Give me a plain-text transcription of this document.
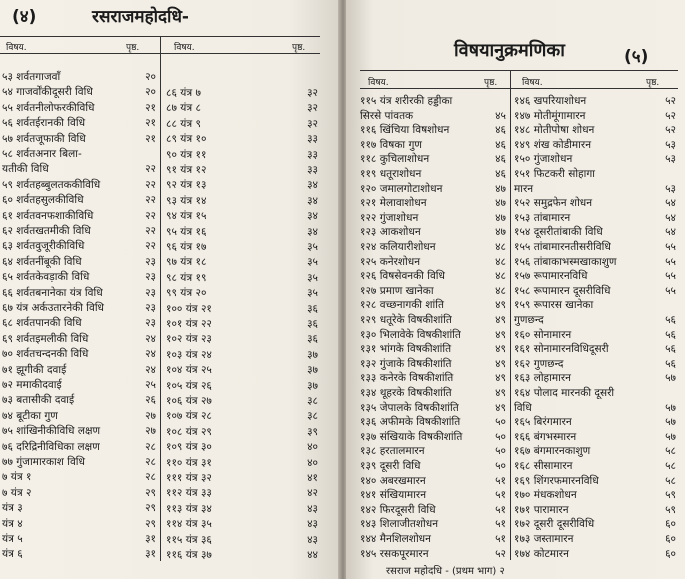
(४)	रसराजमहोदधि-
विषय.	पृष्ठ.	विषय.	पृष्ठ.
५३ शर्वतगाजवाँ	२०
५४ गाजर्वोंकीदूसरी विधि	२०
५५ शर्वतनीलोफरकीविधि	२१
५६ शर्वतईरानकी विधि	२१
५७ शर्वतजूफाकी विधि	२१
५८ शर्वतअनार बिला-
यतीकी विधि	२२
५९ शर्वतहब्बुलतककीविधि	२२
६० शर्वतहसुलकीविधि	२२
६१ शर्वतवनफशाकीविधि	२२
६२ शर्वतखतमीकी विधि	२२
६३ शर्वतवुजूरीकीविधि	२२
६४ शर्वतनींबूकी विधि	२३
६५ शर्वतकेवड़ाकी विधि	२३
६६ शर्वतबनानेका यंत्र विधि	२३
६७ यंत्र अर्कउतारनेकी विधि	२३
६८ शर्वतपानकी विधि	२३
६९ शर्वतइमलीकी विधि	२४
७० शर्वतचन्दनकी विधि	२४
७१ झूगीकी दवाई	२४
७२ ममाकीदवाई	२५
७३ बतासीकी दवाई	२६
७४ बूटीका गुण	२७
७५ शांखिनीकीविधि लक्षण	२७
७६ दरिद्रिनीविधिका लक्षण	२८
७७ गुंजामारकाश विधि	२८
७ यंत्र १	२८
७ यंत्र २	२९
यंत्र ३	२९
यंत्र ४	२९
यंत्र ५	३१
यंत्र ६	३१
८६ यंत्र ७	३२
८७ यंत्र ८	३२
८८ यंत्र ९	३२
८९ यंत्र १०	३३
९० यंत्र ११	३३
९१ यंत्र १२	३३
९२ यंत्र १३	३४
९३ यंत्र १४	३४
९४ यंत्र १५	३४
९५ यंत्र १६	३४
९६ यंत्र १७	३५
९७ यंत्र १८	३५
९८ यंत्र १९	३५
९९ यंत्र २०	३५
१०० यंत्र २१	३६
१०१ यंत्र २२	३६
१०२ यंत्र २३	३६
१०३ यंत्र २४	३७
१०४ यंत्र २५	३७
१०५ यंत्र २६	३७
१०६ यंत्र २७	३८
१०७ यंत्र २८	३८
१०८ यंत्र २९	३९
१०९ यंत्र ३०	४०
११० यंत्र ३१	४०
१११ यंत्र ३२	४१
११२ यंत्र ३३	४२
११३ यंत्र ३४	४३
११४ यंत्र ३५	४३
११५ यंत्र ३६	४३
११६ यंत्र ३७	४४
विषयानुक्रमणिका	(५)
विषय.	पृष्ठ.	विषय.	पृष्ठ.
११५ यंत्र शरीरकी हड्डीका
सिरसे पांवतक	४५
११६ खिंचिया विषशोधन	४६
११७ विषका गुण	४६
११८ कुचिलाशोधन	४६
११९ धतूराशोधन	४६
१२० जमालगोटाशोधन	४७
१२१ मेलावाशोधन	४७
१२२ गुंजाशोधन	४७
१२३ आकशोधन	४७
१२४ कलियारीशोधन	४८
१२५ कनेरशोधन	४८
१२६ विषसेवनकी विधि	४८
१२७ प्रमाण खानेका	४८
१२८ वच्छनागकी शांति	४९
१२९ धतूरेके विषकीशांति	४९
१३० भिलावेके विषकीशांति	४९
१३१ भांगके विषकीशांति	४९
१३२ गुंजाके विषकीशांति	४९
१३३ कनेरके विषकीशांति	४९
१३४ थूहरके विषकीशांति	४९
१३५ जेपालके विषकीशांति	४९
१३६ अफीमके विषकीशांति	५०
१३७ संखियाके विषकीशांति	५०
१३८ हरतालमारन	५०
१३९ दूसरी विधि	५०
१४० अबरखमारन	५१
१४१ संखियामारन	५१
१४२ फिरदूसरी विधि	५१
१४३ शिलाजीतशोधन	५१
१४४ मैनशिलशोधन	५१
१४५ रसकपूरमारन	५२
१४६ खपरियाशोधन	५२
१४७ मोतीमूंगामारन	५२
१४८ मोतीपोषा शोधन	५२
१४९ शंख कोडीमारन	५३
१५० गुंजाशोधन	५३
१५१ फिटकरी सोहागा
मारन	५३
१५२ समुद्रफेन शोधन	५४
१५३ तांबामारन	५४
१५४ दूसरीतांबाकी विधि	५४
१५५ तांबामारनतीसरीविधि	५५
१५६ तांबाकाभस्मखाकाशुण	५५
१५७ रूपामारनविधि	५५
१५८ रूपामारन दूसरीविधि	५५
१५९ रूपारस खानेका
गुणछन्द	५६
१६० सोनामारन	५६
१६१ सोनामारनविधिदूसरी	५६
१६२ गुणछन्द	५६
१६३ लोहामारन	५७
१६४ पोलाद मारनकी दूसरी
विधि	५७
१६५ बिरंगमारन	५७
१६६ बंगभस्मारन	५७
१६७ बंगमारनकाशुण	५८
१६८ सीसामारन	५८
१६९ शिंगरफमारनविधि	५८
१७० मंधकशोधन	५९
१७१ पारामारन	५९
१७२ दूसरी दूसरीविधि	६०
१७३ जस्तामारन	६०
१७४ कोटमारन	६०
रसराज महोदधि - (प्रथम भाग) २
